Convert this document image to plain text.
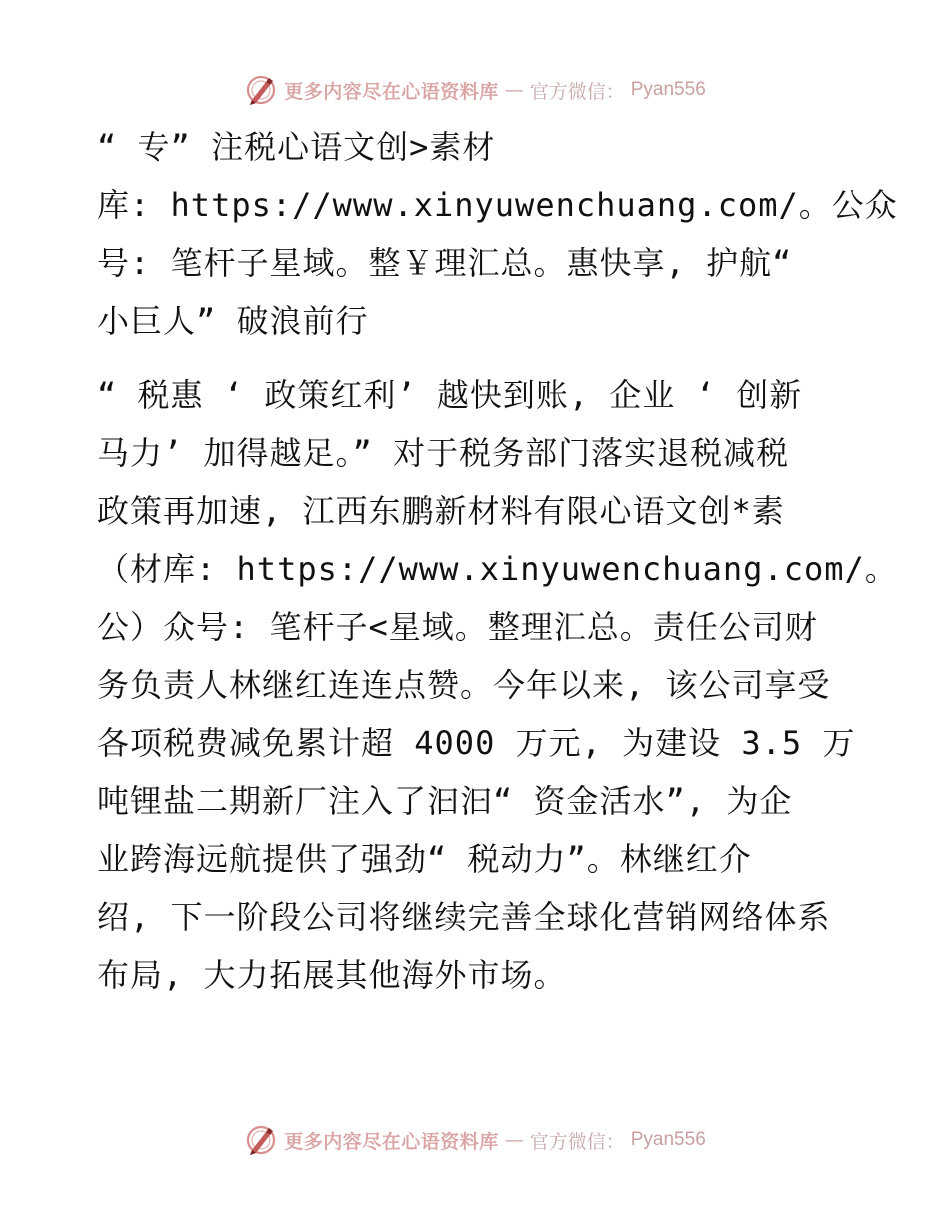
更多内容尽在心语资料库 — 官方微信： Pyan556
“ 专” 注税心语文创>素材
库: https://www.xinyuwenchuang.com/。公众
号: 笔杆子星域。整￥理汇总。惠快享, 护航“
小巨人” 破浪前行
“ 税惠 ‘ 政策红利’ 越快到账, 企业 ‘ 创新
马力’ 加得越足。” 对于税务部门落实退税减税
政策再加速, 江西东鹏新材料有限心语文创*素
（材库: https://www.xinyuwenchuang.com/。
公）众号: 笔杆子<星域。整理汇总。责任公司财
务负责人林继红连连点赞。今年以来, 该公司享受
各项税费减免累计超 4000 万元, 为建设 3.5 万
吨锂盐二期新厂注入了汩汩“ 资金活水”, 为企
业跨海远航提供了强劲“ 税动力”。林继红介
绍, 下一阶段公司将继续完善全球化营销网络体系
布局, 大力拓展其他海外市场。
更多内容尽在心语资料库 — 官方微信： Pyan556
